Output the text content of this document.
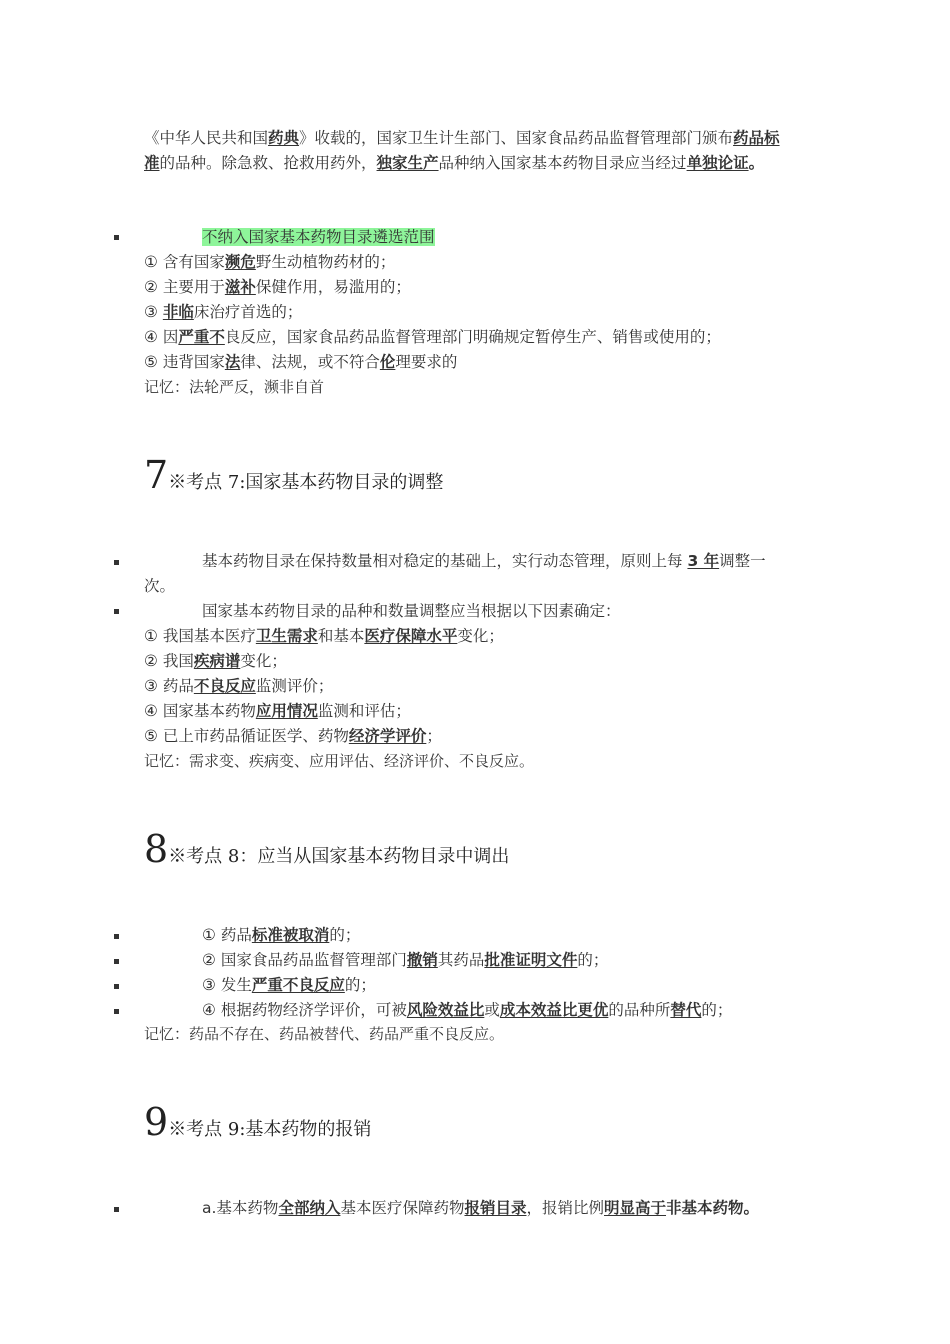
《中华人民共和国药典》收载的，国家卫生计生部门、国家食品药品监督管理部门颁布药品标
准的品种。除急救、抢救用药外，独家生产品种纳入国家基本药物目录应当经过单独论证。
不纳入国家基本药物目录遴选范围
① 含有国家濒危野生动植物药材的；
② 主要用于滋补保健作用，易滥用的；
③ 非临床治疗首选的；
④ 因严重不良反应，国家食品药品监督管理部门明确规定暂停生产、销售或使用的；
⑤ 违背国家法律、法规，或不符合伦理要求的
记忆：法轮严反，濒非自首
7※考点 7:国家基本药物目录的调整
基本药物目录在保持数量相对稳定的基础上，实行动态管理，原则上每 3 年调整一
次。
国家基本药物目录的品种和数量调整应当根据以下因素确定：
① 我国基本医疗卫生需求和基本医疗保障水平变化；
② 我国疾病谱变化；
③ 药品不良反应监测评价；
④ 国家基本药物应用情况监测和评估；
⑤ 已上市药品循证医学、药物经济学评价；
记忆：需求变、疾病变、应用评估、经济评价、不良反应。
8※考点 8：应当从国家基本药物目录中调出
① 药品标准被取消的；
② 国家食品药品监督管理部门撤销其药品批准证明文件的；
③ 发生严重不良反应的；
④ 根据药物经济学评价，可被风险效益比或成本效益比更优的品种所替代的；
记忆：药品不存在、药品被替代、药品严重不良反应。
9※考点 9:基本药物的报销
a.基本药物全部纳入基本医疗保障药物报销目录，报销比例明显高于非基本药物。
